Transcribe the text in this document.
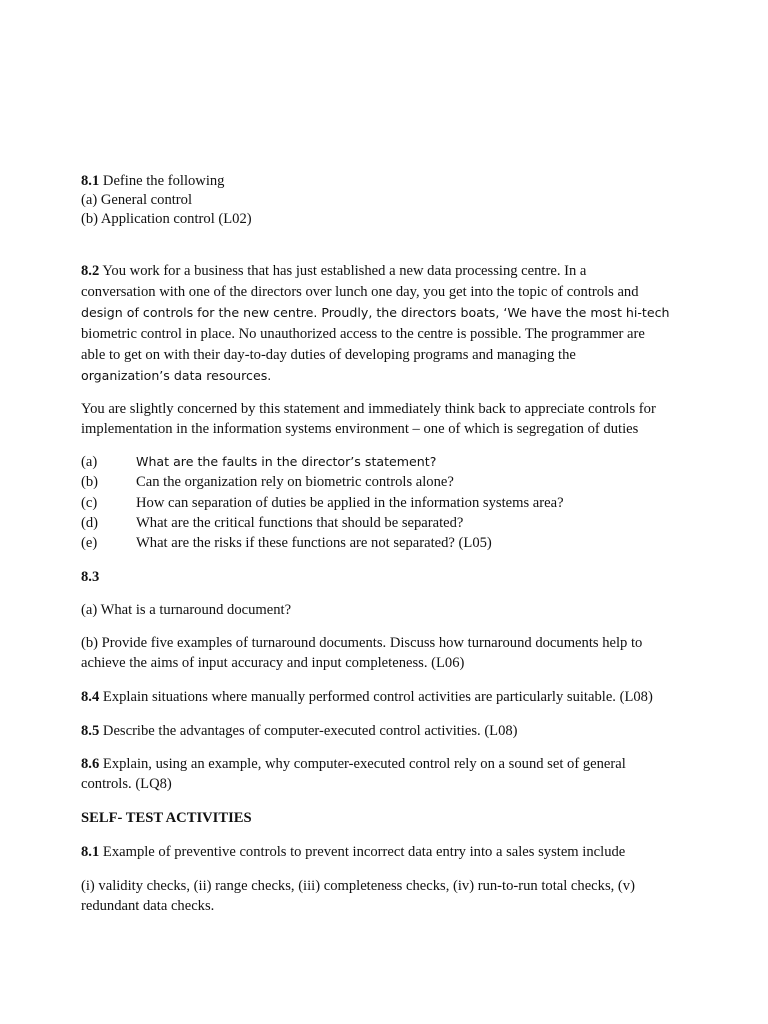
8.1 Define the following
(a) General control
(b) Application control (L02)
8.2 You work for a business that has just established a new data processing centre. In a
conversation with one of the directors over lunch one day, you get into the topic of controls and
design of controls for the new centre. Proudly, the directors boats, ‘We have the most hi-tech
biometric control in place. No unauthorized access to the centre is possible. The programmer are
able to get on with their day-to-day duties of developing programs and managing the
organization’s data resources.
You are slightly concerned by this statement and immediately think back to appreciate controls for
implementation in the information systems environment – one of which is segregation of duties
(a)	What are the faults in the director’s statement?
(b)	Can the organization rely on biometric controls alone?
(c)	How can separation of duties be applied in the information systems area?
(d)	What are the critical functions that should be separated?
(e)	What are the risks if these functions are not separated? (L05)
8.3
(a) What is a turnaround document?
(b) Provide five examples of turnaround documents. Discuss how turnaround documents help to
achieve the aims of input accuracy and input completeness. (L06)
8.4 Explain situations where manually performed control activities are particularly suitable. (L08)
8.5 Describe the advantages of computer-executed control activities. (L08)
8.6 Explain, using an example, why computer-executed control rely on a sound set of general
controls. (LQ8)
SELF- TEST ACTIVITIES
8.1 Example of preventive controls to prevent incorrect data entry into a sales system include
(i) validity checks, (ii) range checks, (iii) completeness checks, (iv) run-to-run total checks, (v)
redundant data checks.
